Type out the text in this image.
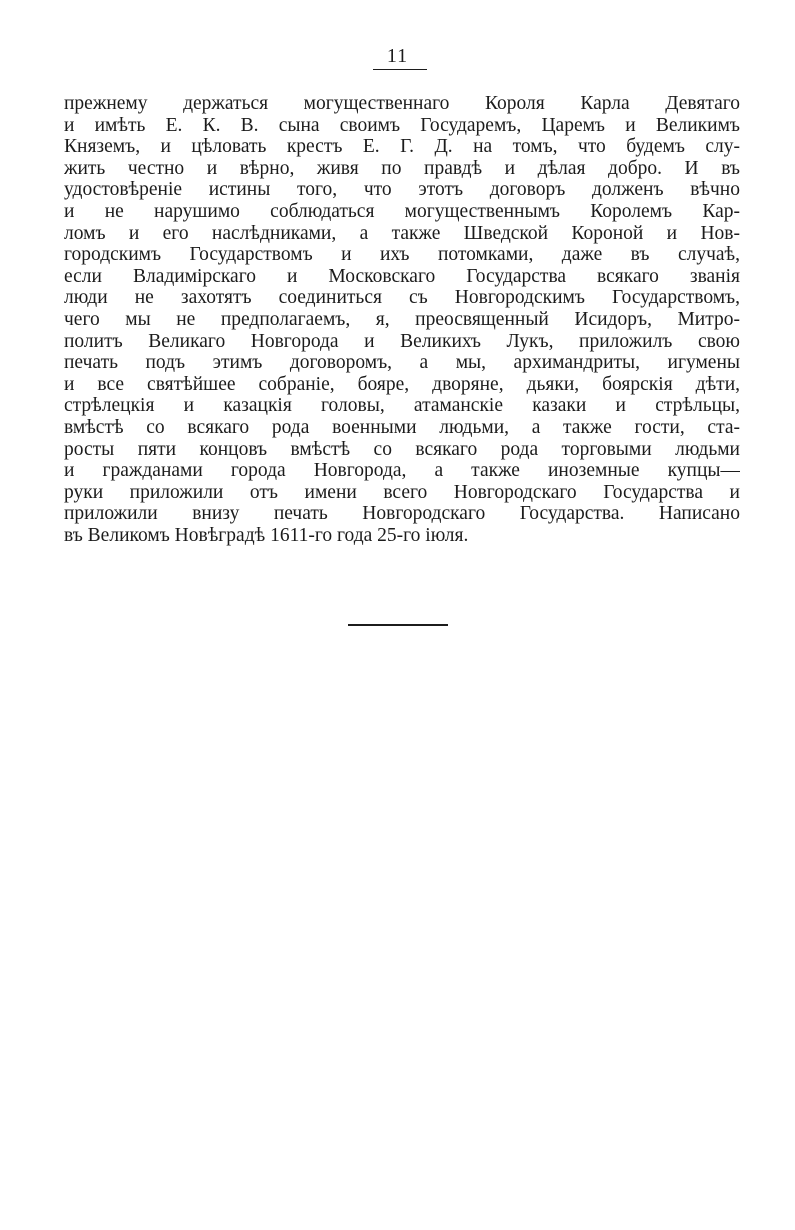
11
прежнему держаться могущественнаго Короля Карла Девятаго
и имѣть Е. К. В. сына своимъ Государемъ, Царемъ и Великимъ
Княземъ, и цѣловать крестъ Е. Г. Д. на томъ, что будемъ слу-
жить честно и вѣрно, живя по правдѣ и дѣлая добро. И въ
удостовѣреніе истины того, что этотъ договоръ долженъ вѣчно
и не нарушимо соблюдаться могущественнымъ Королемъ Кар-
ломъ и его наслѣдниками, а также Шведской Короной и Нов-
городскимъ Государствомъ и ихъ потомками, даже въ случаѣ,
если Владимірскаго и Московскаго Государства всякаго званія
люди не захотятъ соединиться съ Новгородскимъ Государствомъ,
чего мы не предполагаемъ, я, преосвященный Исидоръ, Митро-
политъ Великаго Новгорода и Великихъ Лукъ, приложилъ свою
печать подъ этимъ договоромъ, а мы, архимандриты, игумены
и все святѣйшее собраніе, бояре, дворяне, дьяки, боярскія дѣти,
стрѣлецкія и казацкія головы, атаманскіе казаки и стрѣльцы,
вмѣстѣ со всякаго рода военными людьми, а также гости, ста-
росты пяти концовъ вмѣстѣ со всякаго рода торговыми людьми
и гражданами города Новгорода, а также иноземные купцы—
руки приложили отъ имени всего Новгородскаго Государства и
приложили внизу печать Новгородскаго Государства. Написано
въ Великомъ Новѣградѣ 1611-го года 25-го іюля.
